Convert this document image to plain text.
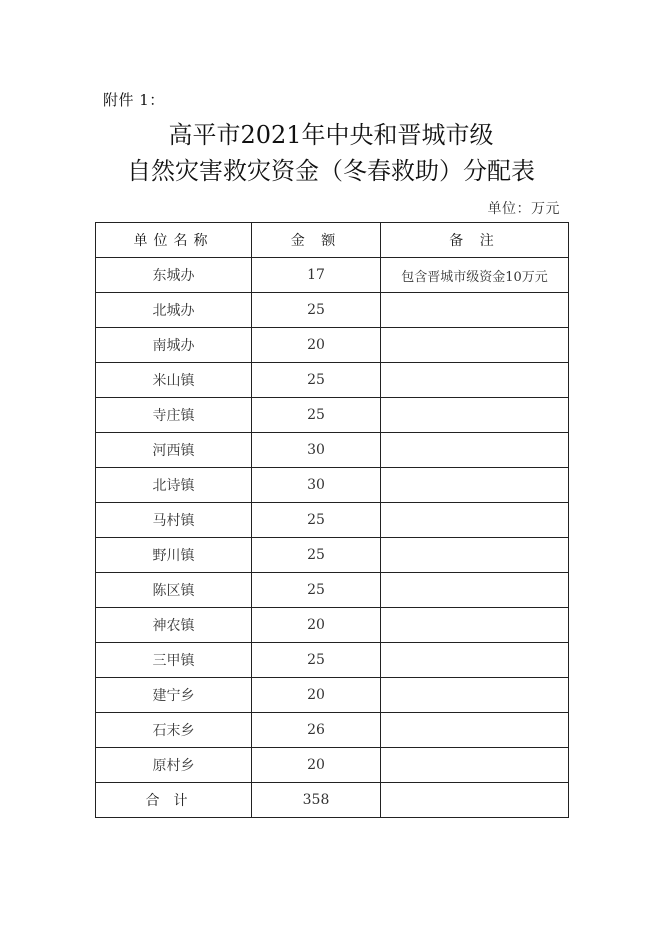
附件 1：
高平市2021年中央和晋城市级
自然灾害救灾资金（冬春救助）分配表
单位：万元
单位名称	金 额	备 注
东城办	17	包含晋城市级资金10万元
北城办	25	
南城办	20	
米山镇	25	
寺庄镇	25	
河西镇	30	
北诗镇	30	
马村镇	25	
野川镇	25	
陈区镇	25	
神农镇	20	
三甲镇	25	
建宁乡	20	
石末乡	26	
原村乡	20	
合计	358	
